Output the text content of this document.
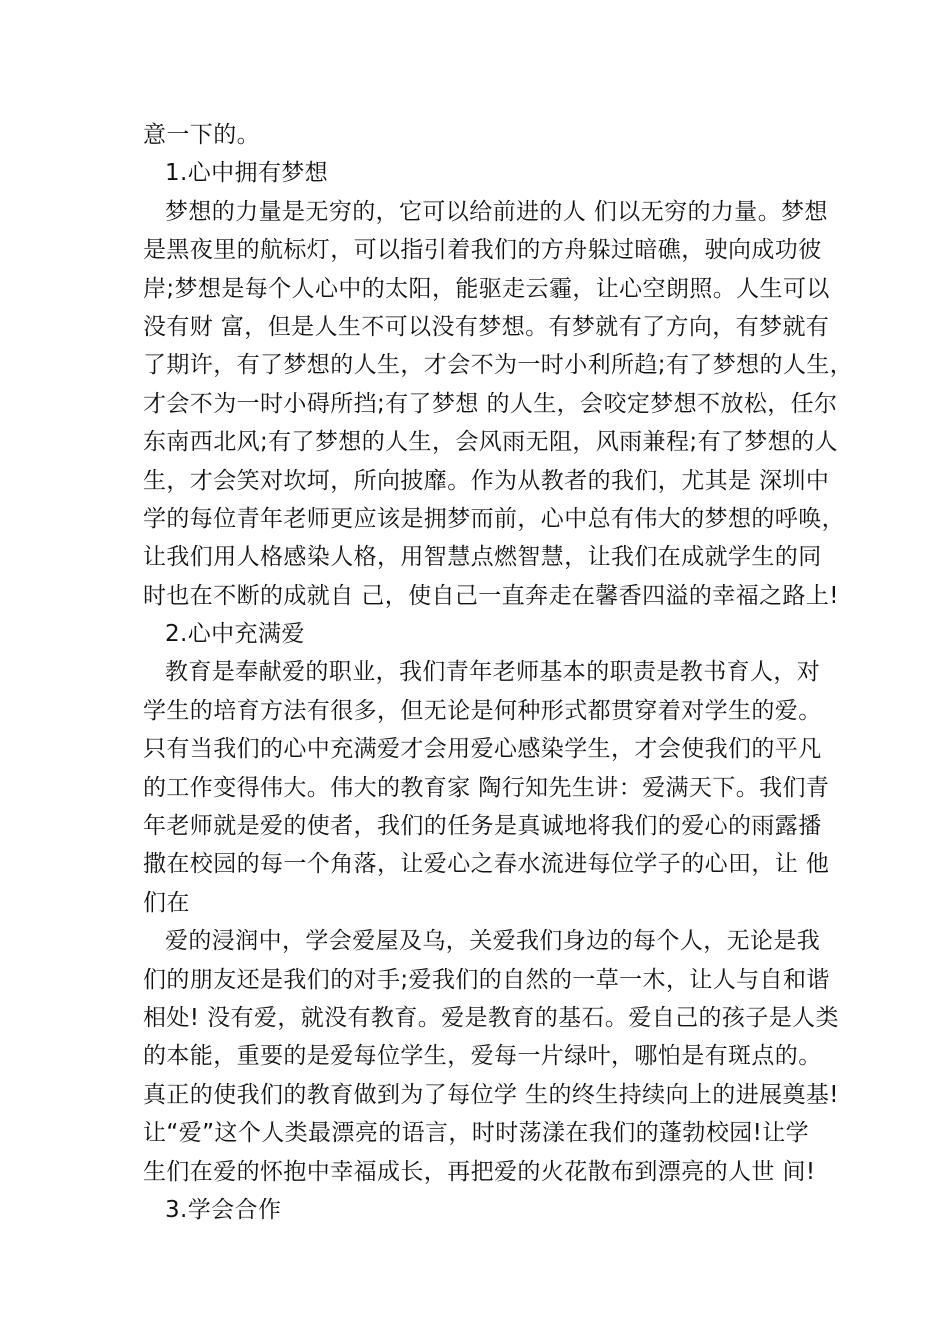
意一下的。
1.心中拥有梦想
梦想的力量是无穷的，它可以给前进的人 们以无穷的力量。梦想
是黑夜里的航标灯，可以指引着我们的方舟躲过暗礁，驶向成功彼
岸;梦想是每个人心中的太阳，能驱走云霾，让心空朗照。人生可以
没有财 富，但是人生不可以没有梦想。有梦就有了方向，有梦就有
了期许，有了梦想的人生，才会不为一时小利所趋;有了梦想的人生，
才会不为一时小碍所挡;有了梦想 的人生，会咬定梦想不放松，任尔
东南西北风;有了梦想的人生，会风雨无阻，风雨兼程;有了梦想的人
生，才会笑对坎坷，所向披靡。作为从教者的我们，尤其是 深圳中
学的每位青年老师更应该是拥梦而前，心中总有伟大的梦想的呼唤，
让我们用人格感染人格，用智慧点燃智慧，让我们在成就学生的同
时也在不断的成就自 己，使自己一直奔走在馨香四溢的幸福之路上!
2.心中充满爱
教育是奉献爱的职业，我们青年老师基本的职责是教书育人，对
学生的培育方法有很多，但无论是何种形式都贯穿着对学生的爱。
只有当我们的心中充满爱才会用爱心感染学生，才会使我们的平凡
的工作变得伟大。伟大的教育家 陶行知先生讲：爱满天下。我们青
年老师就是爱的使者，我们的任务是真诚地将我们的爱心的雨露播
撒在校园的每一个角落，让爱心之春水流进每位学子的心田，让 他
们在
爱的浸润中，学会爱屋及乌，关爱我们身边的每个人，无论是我
们的朋友还是我们的对手;爱我们的自然的一草一木，让人与自和谐
相处! 没有爱，就没有教育。爱是教育的基石。爱自己的孩子是人类
的本能，重要的是爱每位学生，爱每一片绿叶，哪怕是有斑点的。
真正的使我们的教育做到为了每位学 生的终生持续向上的进展奠基!
让“爱”这个人类最漂亮的语言，时时荡漾在我们的蓬勃校园!让学
生们在爱的怀抱中幸福成长，再把爱的火花散布到漂亮的人世 间!
3.学会合作
